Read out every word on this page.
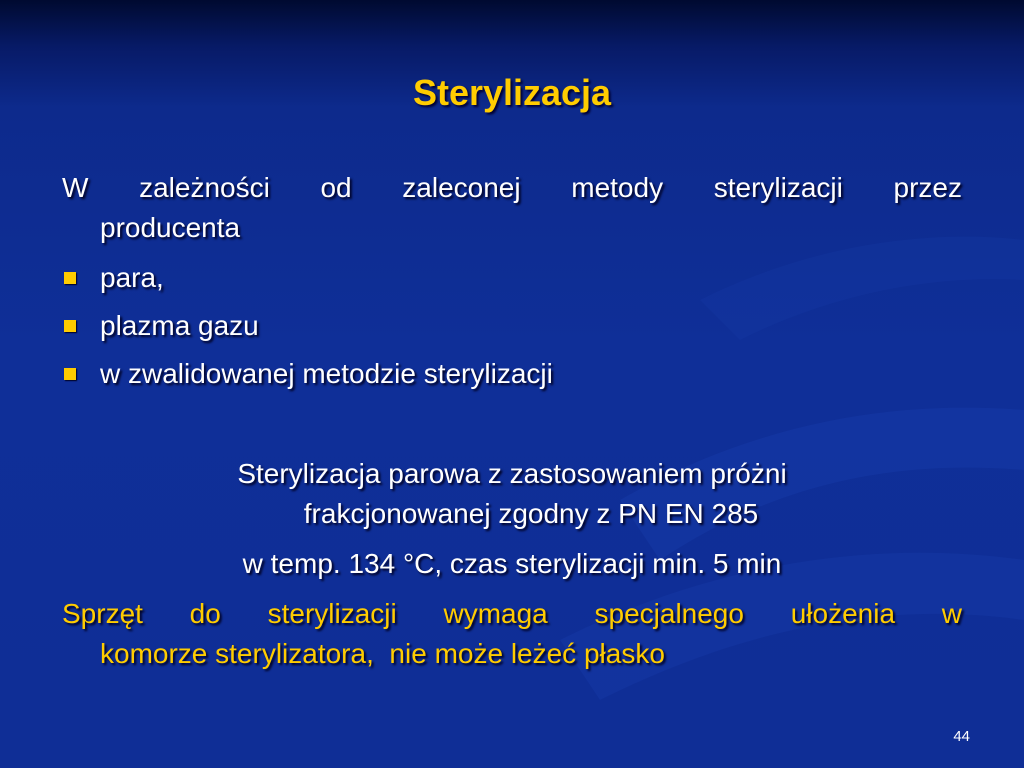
Sterylizacja
W zależności od zaleconej metody sterylizacji przez
producenta
para,
plazma gazu
w zwalidowanej metodzie sterylizacji
Sterylizacja parowa z zastosowaniem próżni
frakcjonowanej zgodny z PN EN 285
w temp. 134 °C, czas sterylizacji min. 5 min
Sprzęt do sterylizacji wymaga specjalnego ułożenia w
komorze sterylizatora,  nie może leżeć płasko
44
